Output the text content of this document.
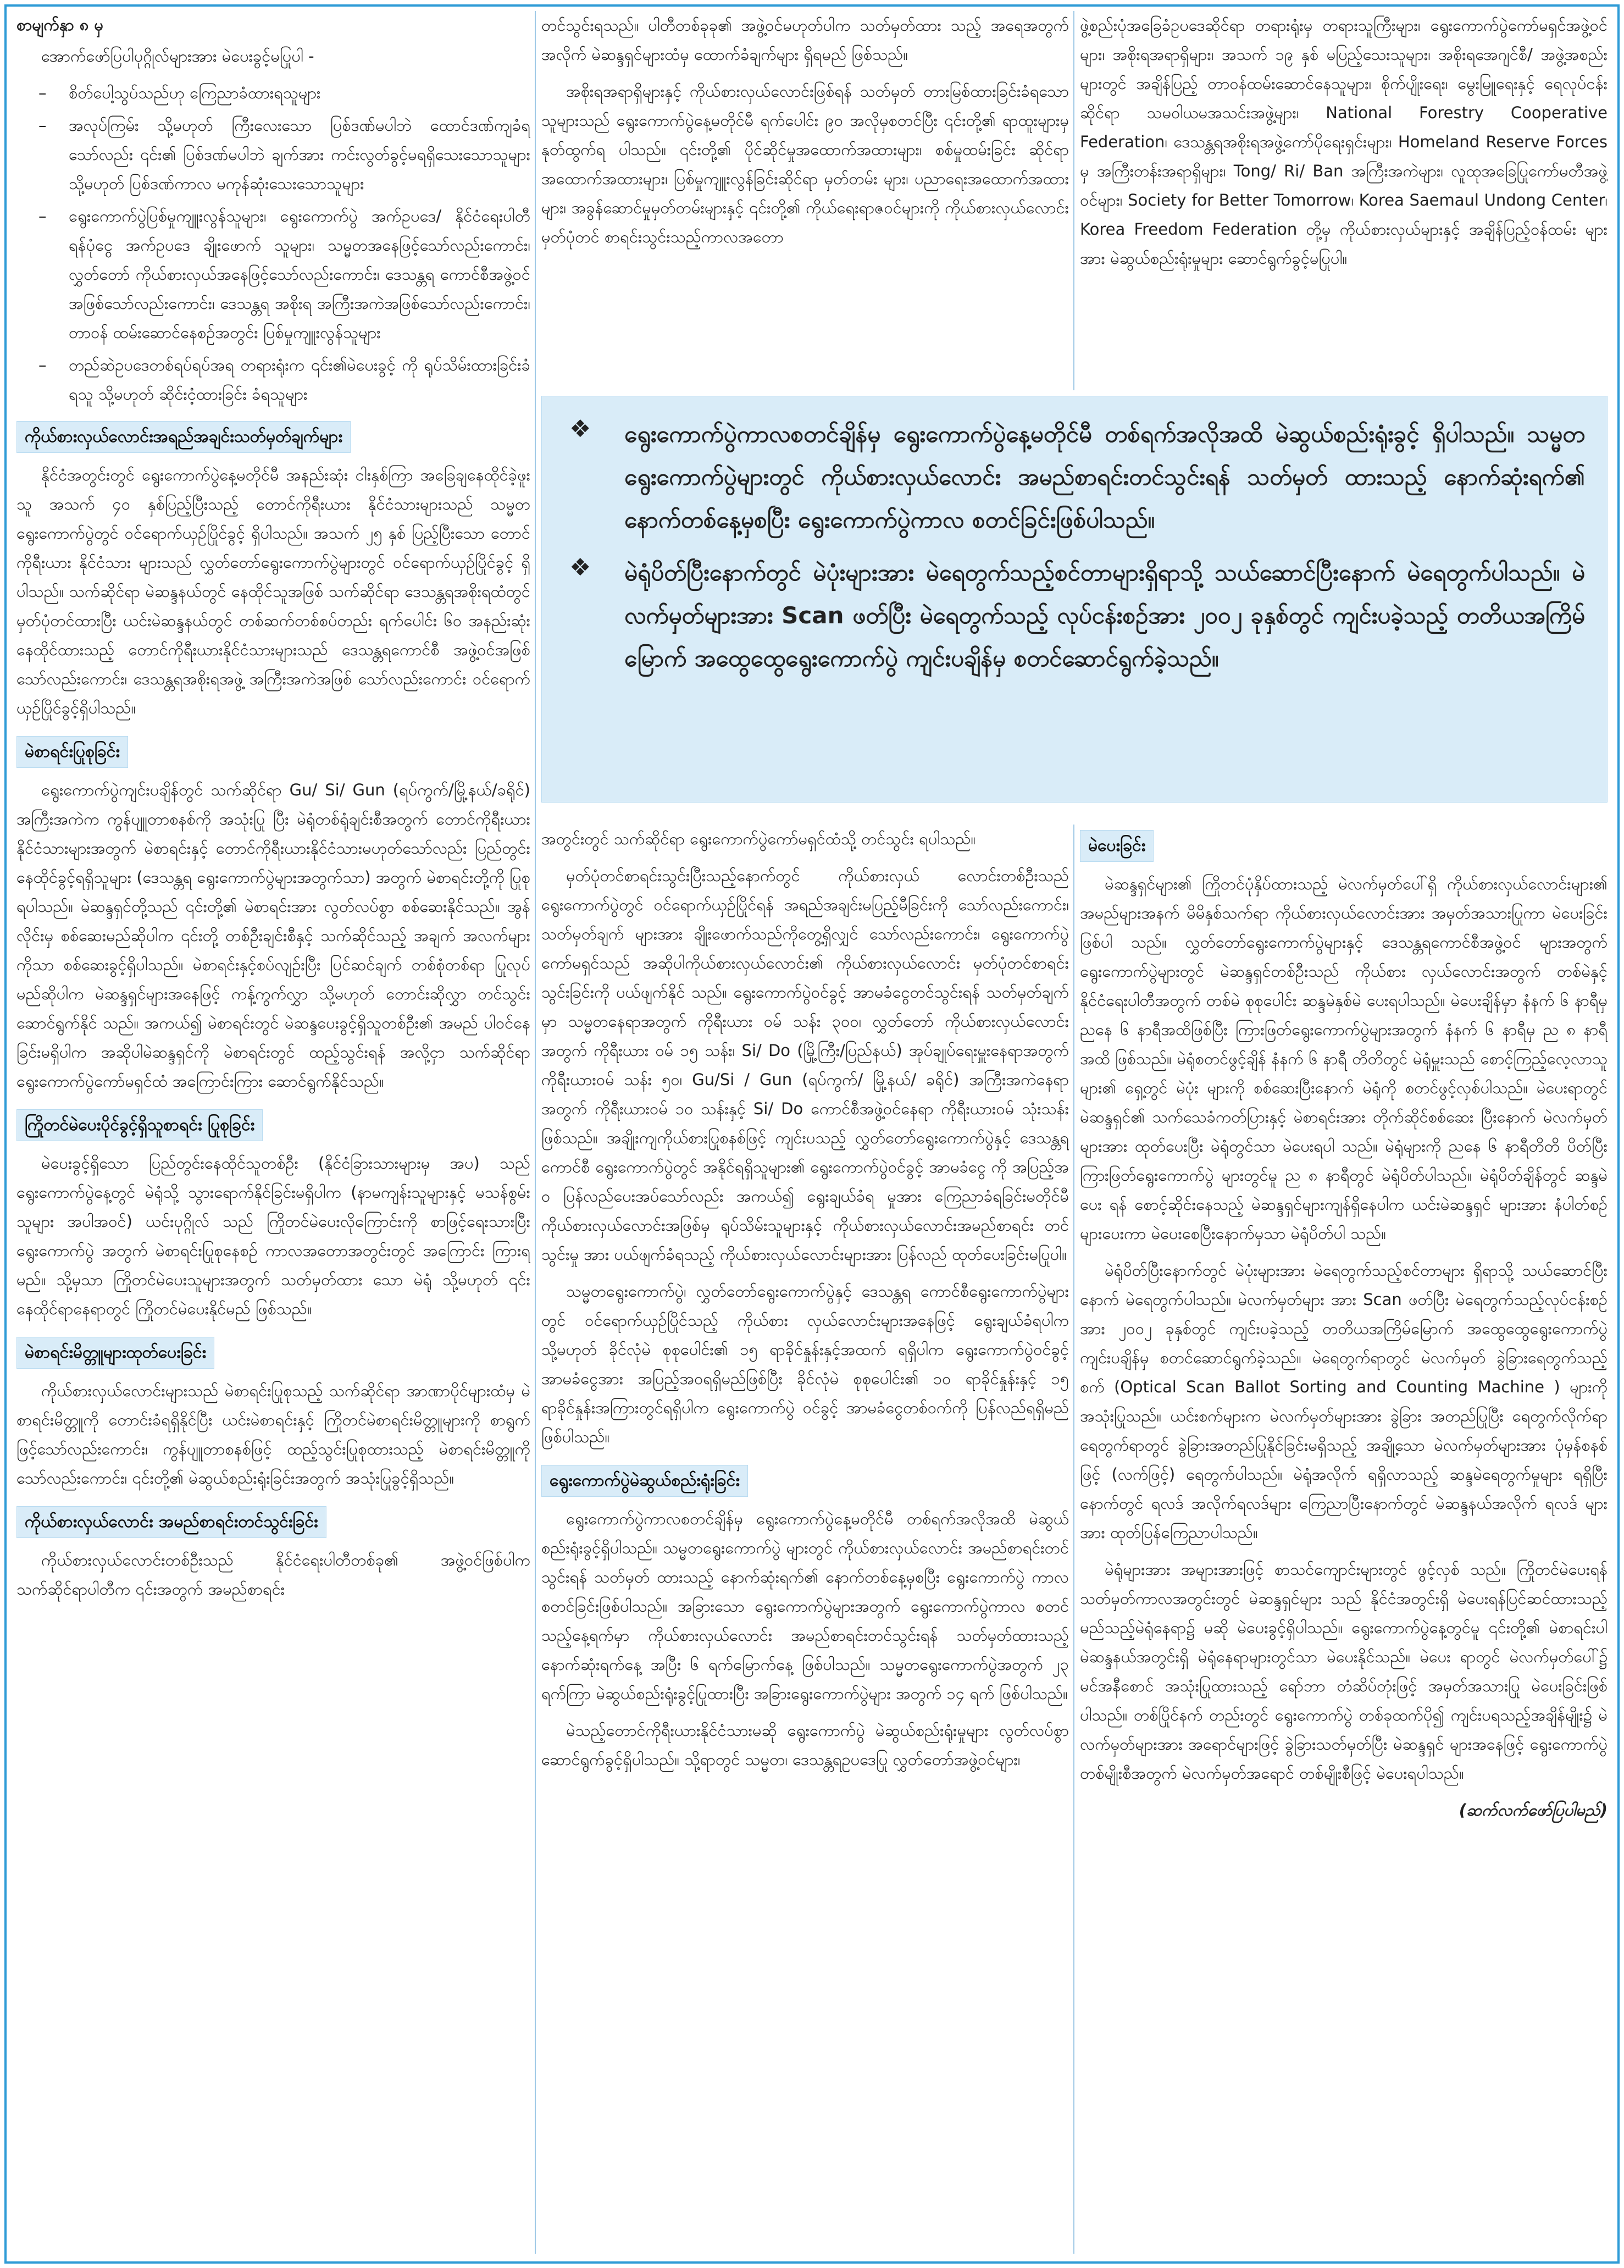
စာမျက်နှာ ၈ မှ

အောက်ဖော်ပြပါပုဂ္ဂိုလ်များအား မဲပေးခွင့်မပြုပါ -

– စိတ်ပေါ့သွပ်သည်ဟု ကြေညာခံထားရသူများ
– အလုပ်ကြမ်း သို့မဟုတ် ကြီးလေးသော ပြစ်ဒဏ်မပါဘဲ ထောင်ဒဏ်ကျခံရသော်လည်း ၎င်း၏ ပြစ်ဒဏ်မပါဘဲ ချက်အား ကင်းလွတ်ခွင့်မရရှိသေးသောသူများ သို့မဟုတ် ပြစ်ဒဏ်ကာလ မကုန်ဆုံးသေးသောသူများ
– ရွေးကောက်ပွဲပြစ်မှုကျူးလွန်သူများ၊ ရွေးကောက်ပွဲ အက်ဥပဒေ/ နိုင်ငံရေးပါတီရန်ပုံငွေ အက်ဥပဒေ ချိုးဖောက် သူများ၊ သမ္မတအနေဖြင့်သော်လည်းကောင်း၊ လွှတ်တော် ကိုယ်စားလှယ်အနေဖြင့်သော်လည်းကောင်း၊ ဒေသန္တရ ကောင်စီအဖွဲ့ဝင်အဖြစ်သော်လည်းကောင်း၊ ဒေသန္တရ အစိုးရ အကြီးအကဲအဖြစ်သော်လည်းကောင်း၊ တာဝန် ထမ်းဆောင်နေစဉ်အတွင်း ပြစ်မှုကျူးလွန်သူများ
– တည်ဆဲဥပဒေတစ်ရပ်ရပ်အရ တရားရုံးက ၎င်း၏မဲပေးခွင့် ကို ရုပ်သိမ်းထားခြင်းခံရသူ သို့မဟုတ် ဆိုင်းငံ့ထားခြင်း ခံရသူများ
ကိုယ်စားလှယ်လောင်းအရည်အချင်းသတ်မှတ်ချက်များ

နိုင်ငံအတွင်းတွင် ရွေးကောက်ပွဲနေ့မတိုင်မီ အနည်းဆုံး ငါးနှစ်ကြာ အခြေချနေထိုင်ခဲ့ဖူးသူ အသက် ၄၀ နှစ်ပြည့်ပြီးသည့် တောင်ကိုရီးယား နိုင်ငံသားများသည် သမ္မတရွေးကောက်ပွဲတွင် ဝင်ရောက်ယှဉ်ပြိုင်ခွင့် ရှိပါသည်။ အသက် ၂၅ နှစ် ပြည့်ပြီးသော တောင်ကိုရီးယား နိုင်ငံသား များသည် လွှတ်တော်ရွေးကောက်ပွဲများတွင် ဝင်ရောက်ယှဉ်ပြိုင်ခွင့် ရှိပါသည်။ သက်ဆိုင်ရာ မဲဆန္ဒနယ်တွင် နေထိုင်သူအဖြစ် သက်ဆိုင်ရာ ဒေသန္တရအစိုးရထံတွင် မှတ်ပုံတင်ထားပြီး ယင်းမဲဆန္ဒနယ်တွင် တစ်ဆက်တစ်စပ်တည်း ရက်ပေါင်း ၆၀ အနည်းဆုံး နေထိုင်ထားသည့် တောင်ကိုရီးယားနိုင်ငံသားများသည် ဒေသန္တရကောင်စီ အဖွဲ့ဝင်အဖြစ် သော်လည်းကောင်း၊ ဒေသန္တရအစိုးရအဖွဲ့ အကြီးအကဲအဖြစ် သော်လည်းကောင်း ဝင်ရောက်ယှဉ်ပြိုင်ခွင့်ရှိပါသည်။

မဲစာရင်းပြုစုခြင်း

ရွေးကောက်ပွဲကျင်းပချိန်တွင် သက်ဆိုင်ရာ Gu/ Si/ Gun (ရပ်ကွက်/မြို့နယ်/ခရိုင်) အကြီးအကဲက ကွန်ပျူတာစနစ်ကို အသုံးပြု ပြီး မဲရုံတစ်ရုံချင်းစီအတွက် တောင်ကိုရီးယားနိုင်ငံသားများအတွက် မဲစာရင်းနှင့် တောင်ကိုရီးယားနိုင်ငံသားမဟုတ်သော်လည်း ပြည်တွင်း နေထိုင်ခွင့်ရရှိသူများ (ဒေသန္တရ ရွေးကောက်ပွဲများအတွက်သာ) အတွက် မဲစာရင်းတို့ကို ပြုစုရပါသည်။ မဲဆန္ဒရှင်တို့သည် ၎င်းတို့၏ မဲစာရင်းအား လွတ်လပ်စွာ စစ်ဆေးနိုင်သည်။ အွန်လိုင်းမှ စစ်ဆေးမည်ဆိုပါက ၎င်းတို့ တစ်ဦးချင်းစီနှင့် သက်ဆိုင်သည့် အချက် အလက်များကိုသာ စစ်ဆေးခွင့်ရှိပါသည်။ မဲစာရင်းနှင့်စပ်လျဉ်းပြီး ပြင်ဆင်ချက် တစ်စုံတစ်ရာ ပြုလုပ်မည်ဆိုပါက မဲဆန္ဒရှင်များအနေဖြင့် ကန့်ကွက်လွှာ သို့မဟုတ် တောင်းဆိုလွှာ တင်သွင်းဆောင်ရွက်နိုင် သည်။ အကယ်၍ မဲစာရင်းတွင် မဲဆန္ဒပေးခွင့်ရှိသူတစ်ဦး၏ အမည် ပါဝင်နေခြင်းမရှိပါက အဆိုပါမဲဆန္ဒရှင်ကို မဲစာရင်းတွင် ထည့်သွင်းရန် အလို့ငှာ သက်ဆိုင်ရာရွေးကောက်ပွဲကော်မရှင်ထံ အကြောင်းကြား ဆောင်ရွက်နိုင်သည်။

ကြိုတင်မဲပေးပိုင်ခွင့်ရှိသူစာရင်း ပြုစုခြင်း

မဲပေးခွင့်ရှိသော ပြည်တွင်းနေထိုင်သူတစ်ဦး (နိုင်ငံခြားသားများမှ အပ) သည် ရွေးကောက်ပွဲနေ့တွင် မဲရုံသို့ သွားရောက်နိုင်ခြင်းမရှိပါက (နာမကျန်းသူများနှင့် မသန်စွမ်းသူများ အပါအဝင်) ယင်းပုဂ္ဂိုလ် သည် ကြိုတင်မဲပေးလိုကြောင်းကို စာဖြင့်ရေးသားပြီး ရွေးကောက်ပွဲ အတွက် မဲစာရင်းပြုစုနေစဉ် ကာလအတောအတွင်းတွင် အကြောင်း ကြားရမည်။ သို့မှသာ ကြိုတင်မဲပေးသူများအတွက် သတ်မှတ်ထား သော မဲရုံ သို့မဟုတ် ၎င်းနေထိုင်ရာနေရာတွင် ကြိုတင်မဲပေးနိုင်မည် ဖြစ်သည်။

မဲစာရင်းမိတ္တူများထုတ်ပေးခြင်း

ကိုယ်စားလှယ်လောင်းများသည် မဲစာရင်းပြုစုသည့် သက်ဆိုင်ရာ အာဏာပိုင်များထံမှ မဲစာရင်းမိတ္တူကို တောင်းခံရရှိနိုင်ပြီး ယင်းမဲစာရင်းနှင့် ကြိုတင်မဲစာရင်းမိတ္တူများကို စာရွက်ဖြင့်သော်လည်းကောင်း၊ ကွန်ပျူတာစနစ်ဖြင့် ထည့်သွင်းပြုစုထားသည့် မဲစာရင်းမိတ္တူကို သော်လည်းကောင်း၊ ၎င်းတို့၏ မဲဆွယ်စည်းရုံးခြင်းအတွက် အသုံးပြုခွင့်ရှိသည်။

ကိုယ်စားလှယ်လောင်း အမည်စာရင်းတင်သွင်းခြင်း

ကိုယ်စားလှယ်လောင်းတစ်ဦးသည် နိုင်ငံရေးပါတီတစ်ခု၏ အဖွဲ့ဝင်ဖြစ်ပါက သက်ဆိုင်ရာပါတီက ၎င်းအတွက် အမည်စာရင်း

တင်သွင်းရသည်။ ပါတီတစ်ခုခု၏ အဖွဲ့ဝင်မဟုတ်ပါက သတ်မှတ်ထား သည့် အရေအတွက်အလိုက် မဲဆန္ဒရှင်များထံမှ ထောက်ခံချက်များ ရှိရမည် ဖြစ်သည်။

အစိုးရအရာရှိများနှင့် ကိုယ်စားလှယ်လောင်းဖြစ်ရန် သတ်မှတ် တားမြစ်ထားခြင်းခံရသောသူများသည် ရွေးကောက်ပွဲနေ့မတိုင်မီ ရက်ပေါင်း ၉၀ အလိုမှစတင်ပြီး ၎င်းတို့၏ ရာထူးများမှ နုတ်ထွက်ရ ပါသည်။ ၎င်းတို့၏ ပိုင်ဆိုင်မှုအထောက်အထားများ၊ စစ်မှုထမ်းခြင်း ဆိုင်ရာ အထောက်အထားများ၊ ပြစ်မှုကျူးလွန်ခြင်းဆိုင်ရာ မှတ်တမ်း များ၊ ပညာရေးအထောက်အထားများ၊ အခွန်ဆောင်မှုမှတ်တမ်းများနှင့် ၎င်းတို့၏ ကိုယ်ရေးရာဇဝင်များကို ကိုယ်စားလှယ်လောင်းမှတ်ပုံတင် စာရင်းသွင်းသည့်ကာလအတော

ဖွဲ့စည်းပုံအခြေခံဥပဒေဆိုင်ရာ တရားရုံးမှ တရားသူကြီးများ၊ ရွေးကောက်ပွဲကော်မရှင်အဖွဲ့ဝင်များ၊ အစိုးရအရာရှိများ၊ အသက် ၁၉ နှစ် မပြည့်သေးသူများ၊ အစိုးရအေဂျင်စီ/ အဖွဲ့အစည်းများတွင် အချိန်ပြည့် တာဝန်ထမ်းဆောင်နေသူများ၊ စိုက်ပျိုးရေး၊ မွေးမြူရေးနှင့် ရေလုပ်ငန်းဆိုင်ရာ သမဝါယမအသင်းအဖွဲ့များ၊ National Forestry Cooperative Federation၊ ဒေသန္တရအစိုးရအဖွဲ့ကော်ပိုရေးရှင်းများ၊ Homeland Reserve Forces မှ အကြီးတန်းအရာရှိများ၊ Tong/ Ri/ Ban အကြီးအကဲများ၊ လူထုအခြေပြုကော်မတီအဖွဲ့ဝင်များ၊ Society for Better Tomorrow၊ Korea Saemaul Undong Center၊ Korea Freedom Federation တို့မှ ကိုယ်စားလှယ်များနှင့် အချိန်ပြည့်ဝန်ထမ်း များအား မဲဆွယ်စည်းရုံးမှုများ ဆောင်ရွက်ခွင့်မပြုပါ။

❖ ရွေးကောက်ပွဲကာလစတင်ချိန်မှ ရွေးကောက်ပွဲနေ့မတိုင်မီ တစ်ရက်အလိုအထိ မဲဆွယ်စည်းရုံးခွင့် ရှိပါသည်။ သမ္မတရွေးကောက်ပွဲများတွင် ကိုယ်စားလှယ်လောင်း အမည်စာရင်းတင်သွင်းရန် သတ်မှတ် ထားသည့် နောက်ဆုံးရက်၏ နောက်တစ်နေ့မှစပြီး ရွေးကောက်ပွဲကာလ စတင်ခြင်းဖြစ်ပါသည်။
❖ မဲရုံပိတ်ပြီးနောက်တွင် မဲပုံးများအား မဲရေတွက်သည့်စင်တာများရှိရာသို့ သယ်ဆောင်ပြီးနောက် မဲရေတွက်ပါသည်။ မဲလက်မှတ်များအား Scan ဖတ်ပြီး မဲရေတွက်သည့် လုပ်ငန်းစဉ်အား ၂၀၀၂ ခုနှစ်တွင် ကျင်းပခဲ့သည့် တတိယအကြိမ်မြောက် အထွေထွေရွေးကောက်ပွဲ ကျင်းပချိန်မှ စတင်ဆောင်ရွက်ခဲ့သည်။

အတွင်းတွင် သက်ဆိုင်ရာ ရွေးကောက်ပွဲကော်မရှင်ထံသို့ တင်သွင်း ရပါသည်။

မှတ်ပုံတင်စာရင်းသွင်းပြီးသည့်နောက်တွင် ကိုယ်စားလှယ် လောင်းတစ်ဦးသည် ရွေးကောက်ပွဲတွင် ဝင်ရောက်ယှဉ်ပြိုင်ရန် အရည်အချင်းမပြည့်မီခြင်းကို သော်လည်းကောင်း၊ သတ်မှတ်ချက် များအား ချိုးဖောက်သည်ကိုတွေ့ရှိလျှင် သော်လည်းကောင်း၊ ရွေးကောက်ပွဲကော်မရှင်သည် အဆိုပါကိုယ်စားလှယ်လောင်း၏ ကိုယ်စားလှယ်လောင်း မှတ်ပုံတင်စာရင်းသွင်းခြင်းကို ပယ်ဖျက်နိုင် သည်။ ရွေးကောက်ပွဲဝင်ခွင့် အာမခံငွေတင်သွင်းရန် သတ်မှတ်ချက်မှာ သမ္မတနေရာအတွက် ကိုရီးယား ဝမ် သန်း ၃၀၀၊ လွှတ်တော် ကိုယ်စားလှယ်လောင်းအတွက် ကိုရီးယား ဝမ် ၁၅ သန်း၊ Si/ Do (မြို့ကြီး/ပြည်နယ်) အုပ်ချုပ်ရေးမှူးနေရာအတွက် ကိုရီးယားဝမ် သန်း ၅၀၊ Gu/Si / Gun (ရပ်ကွက်/ မြို့နယ်/ ခရိုင်) အကြီးအကဲနေရာ အတွက် ကိုရီးယားဝမ် ၁၀ သန်းနှင့် Si/ Do ကောင်စီအဖွဲ့ဝင်နေရာ ကိုရီးယားဝမ် သုံးသန်းဖြစ်သည်။ အချိုးကျကိုယ်စားပြုစနစ်ဖြင့် ကျင်းပသည့် လွှတ်တော်ရွေးကောက်ပွဲနှင့် ဒေသန္တရကောင်စီ ရွေးကောက်ပွဲတွင် အနိုင်ရရှိသူများ၏ ရွေးကောက်ပွဲဝင်ခွင့် အာမခံငွေ ကို အပြည့်အဝ ပြန်လည်ပေးအပ်သော်လည်း အကယ်၍ ရွေးချယ်ခံရ မှုအား ကြေညာခံရခြင်းမတိုင်မီ ကိုယ်စားလှယ်လောင်းအဖြစ်မှ ရုပ်သိမ်းသူများနှင့် ကိုယ်စားလှယ်လောင်းအမည်စာရင်း တင်သွင်းမှု အား ပယ်ဖျက်ခံရသည့် ကိုယ်စားလှယ်လောင်းများအား ပြန်လည် ထုတ်ပေးခြင်းမပြုပါ။

သမ္မတရွေးကောက်ပွဲ၊ လွှတ်တော်ရွေးကောက်ပွဲနှင့် ဒေသန္တရ ကောင်စီရွေးကောက်ပွဲများတွင် ဝင်ရောက်ယှဉ်ပြိုင်သည့် ကိုယ်စား လှယ်လောင်းများအနေဖြင့် ရွေးချယ်ခံရပါက သို့မဟုတ် ခိုင်လုံမဲ စုစုပေါင်း၏ ၁၅ ရာခိုင်နှုန်းနှင့်အထက် ရရှိပါက ရွေးကောက်ပွဲဝင်ခွင့် အာမခံငွေအား အပြည့်အဝရရှိမည်ဖြစ်ပြီး ခိုင်လုံမဲ စုစုပေါင်း၏ ၁၀ ရာခိုင်နှုန်းနှင့် ၁၅ ရာခိုင်နှုန်းအကြားတွင်ရရှိပါက ရွေးကောက်ပွဲ ဝင်ခွင့် အာမခံငွေတစ်ဝက်ကို ပြန်လည်ရရှိမည်ဖြစ်ပါသည်။

ရွေးကောက်ပွဲမဲဆွယ်စည်းရုံးခြင်း

ရွေးကောက်ပွဲကာလစတင်ချိန်မှ ရွေးကောက်ပွဲနေ့မတိုင်မီ တစ်ရက်အလိုအထိ မဲဆွယ်စည်းရုံးခွင့်ရှိပါသည်။ သမ္မတရွေးကောက်ပွဲ များတွင် ကိုယ်စားလှယ်လောင်း အမည်စာရင်းတင်သွင်းရန် သတ်မှတ် ထားသည့် နောက်ဆုံးရက်၏ နောက်တစ်နေ့မှစပြီး ရွေးကောက်ပွဲ ကာလ စတင်ခြင်းဖြစ်ပါသည်။ အခြားသော ရွေးကောက်ပွဲများအတွက် ရွေးကောက်ပွဲကာလ စတင်သည့်နေ့ရက်မှာ ကိုယ်စားလှယ်လောင်း အမည်စာရင်းတင်သွင်းရန် သတ်မှတ်ထားသည့် နောက်ဆုံးရက်နေ့ အပြီး ၆ ရက်မြောက်နေ့ ဖြစ်ပါသည်။ သမ္မတရွေးကောက်ပွဲအတွက် ၂၃ ရက်ကြာ မဲဆွယ်စည်းရုံးခွင့်ပြုထားပြီး အခြားရွေးကောက်ပွဲများ အတွက် ၁၄ ရက် ဖြစ်ပါသည်။

မဲသည့်တောင်ကိုရီးယားနိုင်ငံသားမဆို ရွေးကောက်ပွဲ မဲဆွယ်စည်းရုံးမှုများ လွတ်လပ်စွာ ဆောင်ရွက်ခွင့်ရှိပါသည်။ သို့ရာတွင် သမ္မတ၊ ဒေသန္တရဥပဒေပြု လွှတ်တော်အဖွဲ့ဝင်များ၊

မဲပေးခြင်း

မဲဆန္ဒရှင်များ၏ ကြိုတင်ပုံနှိပ်ထားသည့် မဲလက်မှတ်ပေါ်ရှိ ကိုယ်စားလှယ်လောင်းများ၏ အမည်များအနက် မိမိနှစ်သက်ရာ ကိုယ်စားလှယ်လောင်းအား အမှတ်အသားပြုကာ မဲပေးခြင်းဖြစ်ပါ သည်။ လွှတ်တော်ရွေးကောက်ပွဲများနှင့် ဒေသန္တရကောင်စီအဖွဲ့ဝင် များအတွက် ရွေးကောက်ပွဲများတွင် မဲဆန္ဒရှင်တစ်ဦးသည် ကိုယ်စား လှယ်လောင်းအတွက် တစ်မဲနှင့် နိုင်ငံရေးပါတီအတွက် တစ်မဲ စုစုပေါင်း ဆန္ဒမဲနှစ်မဲ ပေးရပါသည်။ မဲပေးချိန်မှာ နံနက် ၆ နာရီမှ ညနေ ၆ နာရီအထိဖြစ်ပြီး ကြားဖြတ်ရွေးကောက်ပွဲများအတွက် နံနက် ၆ နာရီမှ ည ၈ နာရီအထိ ဖြစ်သည်။ မဲရုံစတင်ဖွင့်ချိန် နံနက် ၆ နာရီ တိတိတွင် မဲရုံမှူးသည် စောင့်ကြည့်လေ့လာသူများ၏ ရှေ့တွင် မဲပုံး များကို စစ်ဆေးပြီးနောက် မဲရုံကို စတင်ဖွင့်လှစ်ပါသည်။ မဲပေးရာတွင် မဲဆန္ဒရှင်၏ သက်သေခံကတ်ပြားနှင့် မဲစာရင်းအား တိုက်ဆိုင်စစ်ဆေး ပြီးနောက် မဲလက်မှတ်များအား ထုတ်ပေးပြီး မဲရုံတွင်သာ မဲပေးရပါ သည်။ မဲရုံများကို ညနေ ၆ နာရီတိတိ ပိတ်ပြီး ကြားဖြတ်ရွေးကောက်ပွဲ များတွင်မူ ည ၈ နာရီတွင် မဲရုံပိတ်ပါသည်။ မဲရုံပိတ်ချိန်တွင် ဆန္ဒမဲပေး ရန် စောင့်ဆိုင်းနေသည့် မဲဆန္ဒရှင်များကျန်ရှိနေပါက ယင်းမဲဆန္ဒရှင် များအား နံပါတ်စဉ်များပေးကာ မဲပေးစေပြီးနောက်မှသာ မဲရုံပိတ်ပါ သည်။

မဲရုံပိတ်ပြီးနောက်တွင် မဲပုံးများအား မဲရေတွက်သည့်စင်တာများ ရှိရာသို့ သယ်ဆောင်ပြီးနောက် မဲရေတွက်ပါသည်။ မဲလက်မှတ်များ အား Scan ဖတ်ပြီး မဲရေတွက်သည့်လုပ်ငန်းစဉ်အား ၂၀၀၂ ခုနှစ်တွင် ကျင်းပခဲ့သည့် တတိယအကြိမ်မြောက် အထွေထွေရွေးကောက်ပွဲ ကျင်းပချိန်မှ စတင်ဆောင်ရွက်ခဲ့သည်။ မဲရေတွက်ရာတွင် မဲလက်မှတ် ခွဲခြားရေတွက်သည့်စက် (Optical Scan Ballot Sorting and Counting Machine ) များကို အသုံးပြုသည်။ ယင်းစက်များက မဲလက်မှတ်များအား ခွဲခြား အတည်ပြုပြီး ရေတွက်လိုက်ရာ ရေတွက်ရာတွင် ခွဲခြားအတည်ပြုနိုင်ခြင်းမရှိသည့် အချို့သော မဲလက်မှတ်များအား ပုံမှန်စနစ်ဖြင့် (လက်ဖြင့်) ရေတွက်ပါသည်။ မဲရုံအလိုက် ရရှိလာသည့် ဆန္ဒမဲရေတွက်မှုများ ရရှိပြီးနောက်တွင် ရလဒ် အလိုက်ရလဒ်များ ကြေညာပြီးနောက်တွင် မဲဆန္ဒနယ်အလိုက် ရလဒ် များအား ထုတ်ပြန်ကြေညာပါသည်။

မဲရုံများအား အများအားဖြင့် စာသင်ကျောင်းများတွင် ဖွင့်လှစ် သည်။ ကြိုတင်မဲပေးရန် သတ်မှတ်ကာလအတွင်းတွင် မဲဆန္ဒရှင်များ သည် နိုင်ငံအတွင်းရှိ မဲပေးရန်ပြင်ဆင်ထားသည့် မည်သည့်မဲရုံနေရာ၌ မဆို မဲပေးခွင့်ရှိပါသည်။ ရွေးကောက်ပွဲနေ့တွင်မူ ၎င်းတို့၏ မဲစာရင်းပါ မဲဆန္ဒနယ်အတွင်းရှိ မဲရုံနေရာများတွင်သာ မဲပေးနိုင်သည်။ မဲပေး ရာတွင် မဲလက်မှတ်ပေါ်၌ မင်အနီစောင် အသုံးပြုထားသည့် ရော်ဘာ တံဆိပ်တုံးဖြင့် အမှတ်အသားပြု မဲပေးခြင်းဖြစ်ပါသည်။ တစ်ပြိုင်နက် တည်းတွင် ရွေးကောက်ပွဲ တစ်ခုထက်ပို၍ ကျင်းပရသည့်အချိန်မျိုး၌ မဲလက်မှတ်များအား အရောင်များဖြင့် ခွဲခြားသတ်မှတ်ပြီး မဲဆန္ဒရှင် များအနေဖြင့် ရွေးကောက်ပွဲတစ်မျိုးစီအတွက် မဲလက်မှတ်အရောင် တစ်မျိုးစီဖြင့် မဲပေးရပါသည်။

(ဆက်လက်ဖော်ပြပါမည်)
